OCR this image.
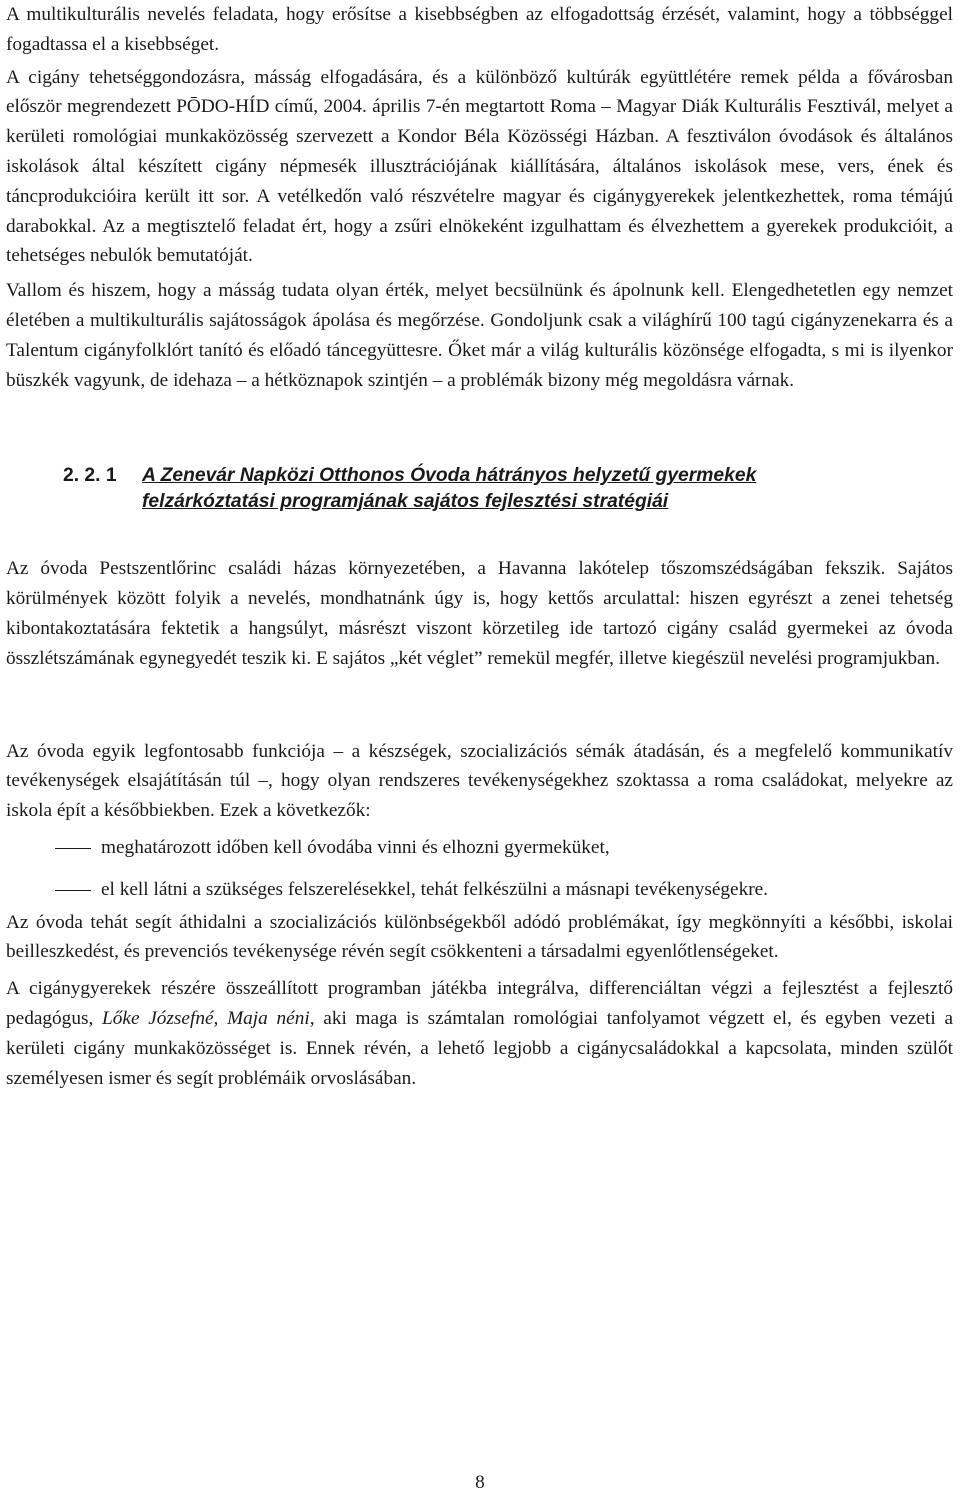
A multikulturális nevelés feladata, hogy erősítse a kisebbségben az elfogadottság érzését, valamint, hogy a többséggel fogadtassa el a kisebbséget.

A cigány tehetséggondozásra, másság elfogadására, és a különböző kultúrák együttlétére remek példa a fővárosban először megrendezett PŌDO-HÍD című, 2004. április 7-én megtartott Roma – Magyar Diák Kulturális Fesztivál, melyet a kerületi romológiai munkaközösség szervezett a Kondor Béla Közösségi Házban. A fesztiválon óvodások és általános iskolások által készített cigány népmesék illusztrációjának kiállítására, általános iskolások mese, vers, ének és táncprodukcióira került itt sor. A vetélkedőn való részvételre magyar és cigánygyerekek jelentkezhettek, roma témájú darabokkal. Az a megtisztelő feladat ért, hogy a zsűri elnökeként izgulhattam és élvezhettem a gyerekek produkcióit, a tehetséges nebulók bemutatóját.

Vallom és hiszem, hogy a másság tudata olyan érték, melyet becsülnünk és ápolnunk kell. Elengedhetetlen egy nemzet életében a multikulturális sajátosságok ápolása és megőrzése. Gondoljunk csak a világhírű 100 tagú cigányzenekarra és a Talentum cigányfolklórt tanító és előadó táncegyüttesre. Őket már a világ kulturális közönsége elfogadta, s mi is ilyenkor büszkék vagyunk, de idehaza – a hétköznapok szintjén – a problémák bizony még megoldásra várnak.

2. 2. 1 A Zenevár Napközi Otthonos Óvoda hátrányos helyzetű gyermekek
felzárkóztatási programjának sajátos fejlesztési stratégiái

Az óvoda Pestszentlőrinc családi házas környezetében, a Havanna lakótelep tőszomszédságában fekszik. Sajátos körülmények között folyik a nevelés, mondhatnánk úgy is, hogy kettős arculattal: hiszen egyrészt a zenei tehetség kibontakoztatására fektetik a hangsúlyt, másrészt viszont körzetileg ide tartozó cigány család gyermekei az óvoda összlétszámának egynegyedét teszik ki. E sajátos „két véglet” remekül megfér, illetve kiegészül nevelési programjukban.

Az óvoda egyik legfontosabb funkciója – a készségek, szocializációs sémák átadásán, és a megfelelő kommunikatív tevékenységek elsajátításán túl –, hogy olyan rendszeres tevékenységekhez szoktassa a roma családokat, melyekre az iskola épít a későbbiekben. Ezek a következők:

meghatározott időben kell óvodába vinni és elhozni gyermeküket,
el kell látni a szükséges felszerelésekkel, tehát felkészülni a másnapi tevékenységekre.

Az óvoda tehát segít áthidalni a szocializációs különbségekből adódó problémákat, így megkönnyíti a későbbi, iskolai beilleszkedést, és prevenciós tevékenysége révén segít csökkenteni a társadalmi egyenlőtlenségeket.

A cigánygyerekek részére összeállított programban játékba integrálva, differenciáltan végzi a fejlesztést a fejlesztő pedagógus, Lőke Józsefné, Maja néni, aki maga is számtalan romológiai tanfolyamot végzett el, és egyben vezeti a kerületi cigány munkaközösséget is. Ennek révén, a lehető legjobb a cigánycsaládokkal a kapcsolata, minden szülőt személyesen ismer és segít problémáik orvoslásában.

8
